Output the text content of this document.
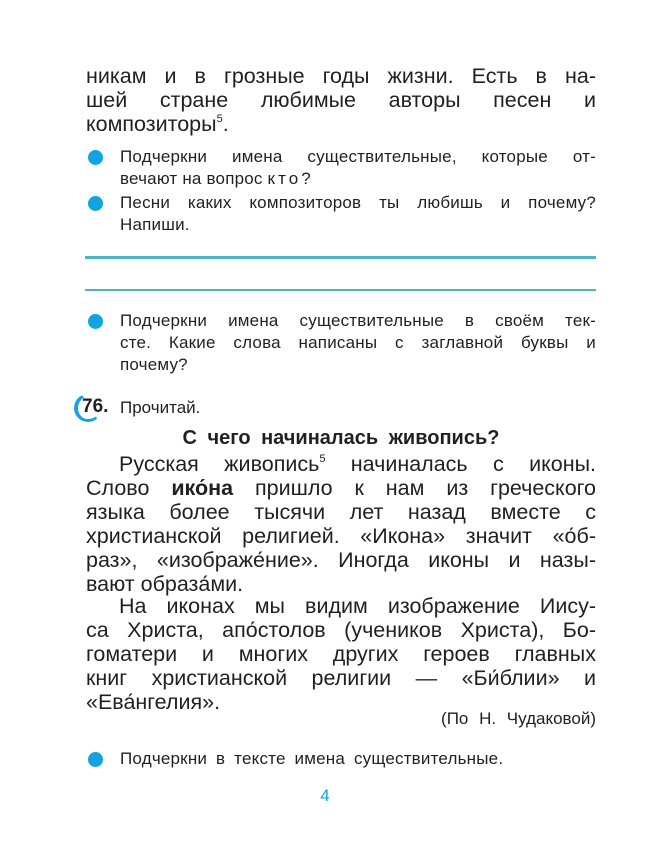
никам и в грозные годы жизни. Есть в на-
шей стране любимые авторы песен и
композиторы$^5$.
Подчеркни имена существительные, которые от-
вечают на вопрос кто?
Песни каких композиторов ты любишь и почему?
Напиши.
Подчеркни имена существительные в своём тек-
сте. Какие слова написаны с заглавной буквы и
почему?
76. Прочитай.
С чего начиналась живопись?
Русская живопись$^5$ начиналась с иконы.
Слово ико́на пришло к нам из греческого
языка более тысячи лет назад вместе с
христианской религией. «Икона» значит «о́б-
раз», «изображе́ние». Иногда иконы и назы-
вают образа́ми.
На иконах мы видим изображение Иису-
са Христа, апо́столов (учеников Христа), Бо-
гоматери и многих других героев главных
книг христианской религии — «Би́блии» и
«Ева́нгелия».
(По Н. Чудаковой)
Подчеркни в тексте имена существительные.
4
